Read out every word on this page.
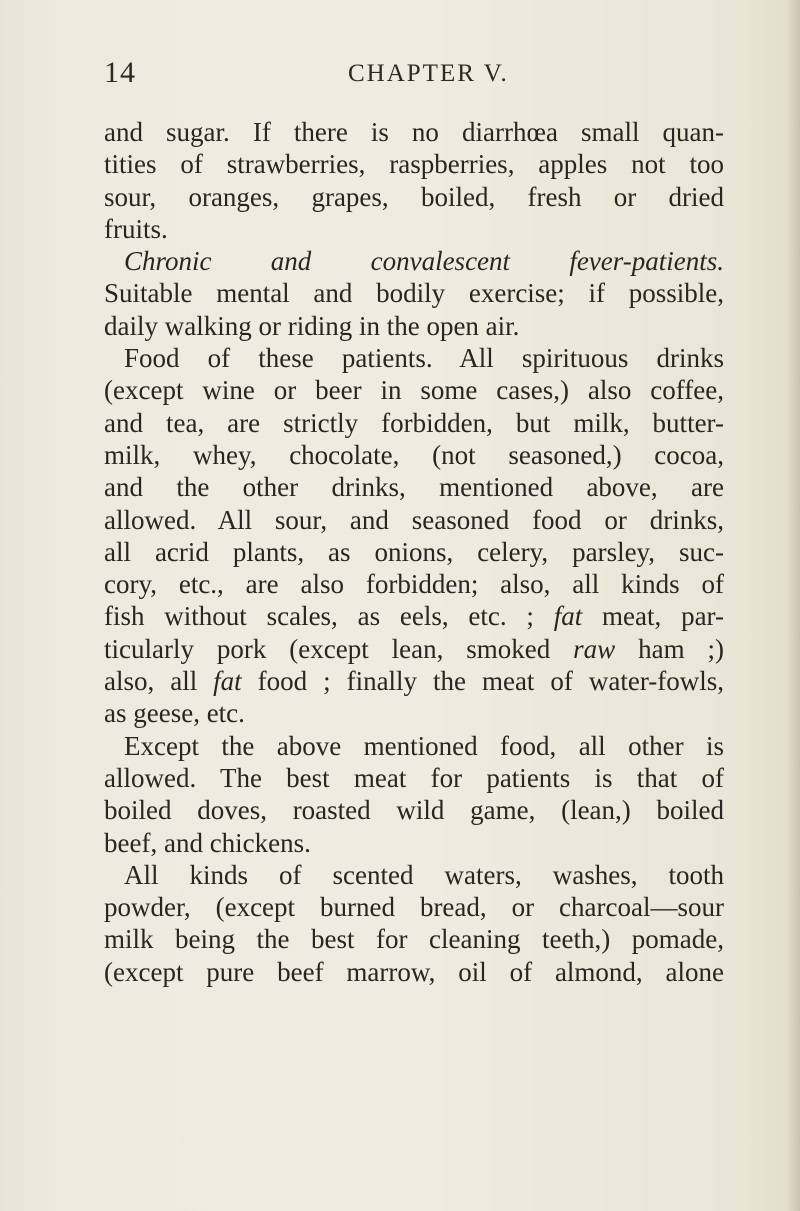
14	CHAPTER V.
and sugar. If there is no diarrhœa small quan-
tities of strawberries, raspberries, apples not too
sour, oranges, grapes, boiled, fresh or dried
fruits.
Chronic and convalescent fever-patients.
Suitable mental and bodily exercise; if possible,
daily walking or riding in the open air.
Food of these patients. All spirituous drinks
(except wine or beer in some cases,) also coffee,
and tea, are strictly forbidden, but milk, butter-
milk, whey, chocolate, (not seasoned,) cocoa,
and the other drinks, mentioned above, are
allowed. All sour, and seasoned food or drinks,
all acrid plants, as onions, celery, parsley, suc-
cory, etc., are also forbidden; also, all kinds of
fish without scales, as eels, etc. ; fat meat, par-
ticularly pork (except lean, smoked raw ham ;)
also, all fat food ; finally the meat of water-fowls,
as geese, etc.
Except the above mentioned food, all other is
allowed. The best meat for patients is that of
boiled doves, roasted wild game, (lean,) boiled
beef, and chickens.
All kinds of scented waters, washes, tooth
powder, (except burned bread, or charcoal—sour
milk being the best for cleaning teeth,) pomade,
(except pure beef marrow, oil of almond, alone
